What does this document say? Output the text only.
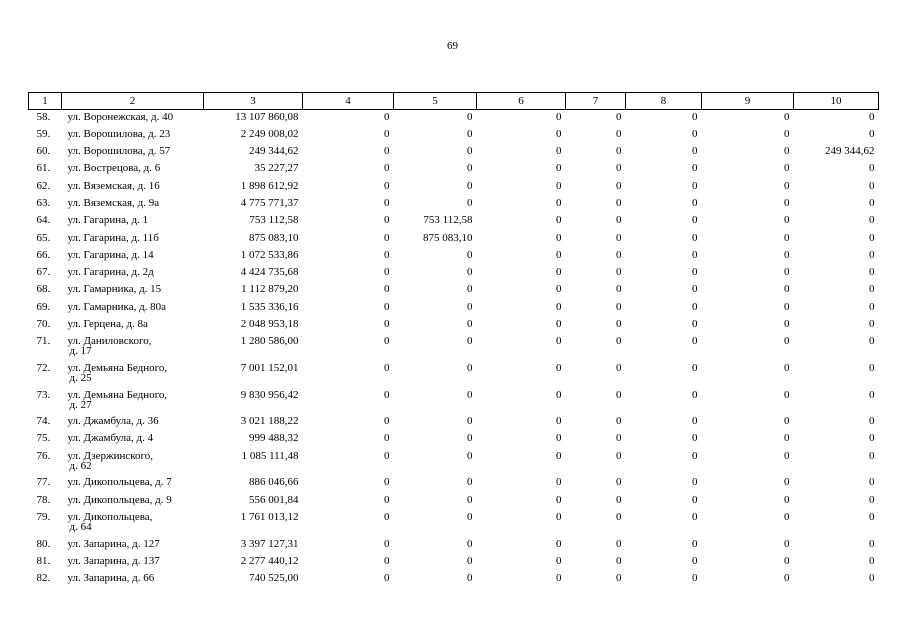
69
1	2	3	4	5	6	7	8	9	10
58.	ул. Воронежская, д. 40	13 107 860,08	0	0	0	0	0	0	0
59.	ул. Ворошилова, д. 23	2 249 008,02	0	0	0	0	0	0	0
60.	ул. Ворошилова, д. 57	249 344,62	0	0	0	0	0	0	249 344,62
61.	ул. Вострецова, д. 6	35 227,27	0	0	0	0	0	0	0
62.	ул. Вяземская, д. 16	1 898 612,92	0	0	0	0	0	0	0
63.	ул. Вяземская, д. 9а	4 775 771,37	0	0	0	0	0	0	0
64.	ул. Гагарина, д. 1	753 112,58	0	753 112,58	0	0	0	0	0
65.	ул. Гагарина, д. 11б	875 083,10	0	875 083,10	0	0	0	0	0
66.	ул. Гагарина, д. 14	1 072 533,86	0	0	0	0	0	0	0
67.	ул. Гагарина, д. 2д	4 424 735,68	0	0	0	0	0	0	0
68.	ул. Гамарника, д. 15	1 112 879,20	0	0	0	0	0	0	0
69.	ул. Гамарника, д. 80а	1 535 336,16	0	0	0	0	0	0	0
70.	ул. Герцена, д. 8а	2 048 953,18	0	0	0	0	0	0	0
71.	ул. Даниловского,
д. 17	1 280 586,00	0	0	0	0	0	0	0
72.	ул. Демьяна Бедного,
д. 25	7 001 152,01	0	0	0	0	0	0	0
73.	ул. Демьяна Бедного,
д. 27	9 830 956,42	0	0	0	0	0	0	0
74.	ул. Джамбула, д. 36	3 021 188,22	0	0	0	0	0	0	0
75.	ул. Джамбула, д. 4	999 488,32	0	0	0	0	0	0	0
76.	ул. Дзержинского,
д. 62	1 085 111,48	0	0	0	0	0	0	0
77.	ул. Дикопольцева, д. 7	886 046,66	0	0	0	0	0	0	0
78.	ул. Дикопольцева, д. 9	556 001,84	0	0	0	0	0	0	0
79.	ул. Дикопольцева,
д. 64	1 761 013,12	0	0	0	0	0	0	0
80.	ул. Запарина, д. 127	3 397 127,31	0	0	0	0	0	0	0
81.	ул. Запарина, д. 137	2 277 440,12	0	0	0	0	0	0	0
82.	ул. Запарина, д. 66	740 525,00	0	0	0	0	0	0	0
